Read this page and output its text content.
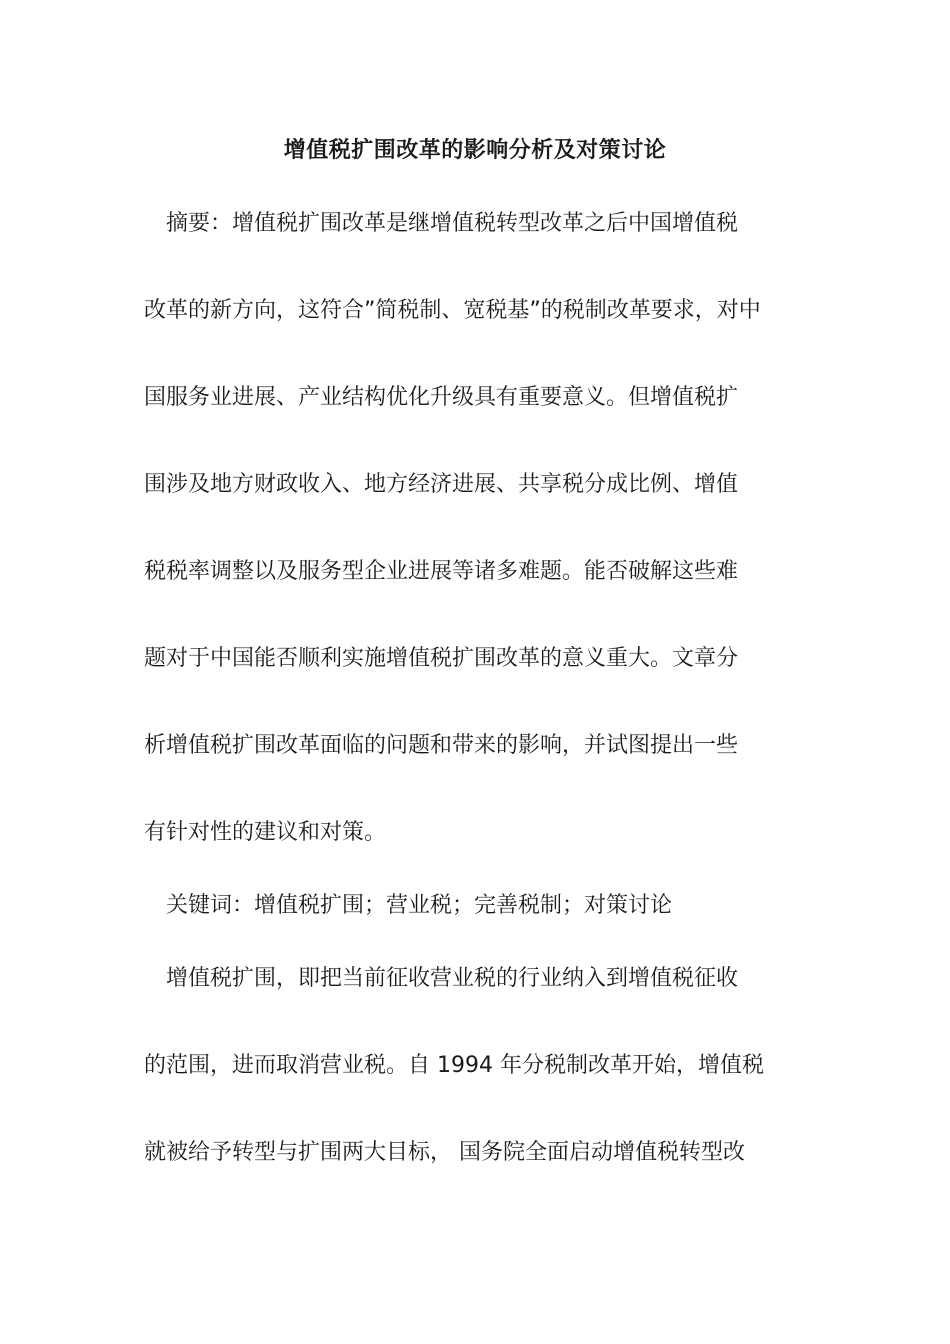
增值税扩围改革的影响分析及对策讨论
摘要：增值税扩围改革是继增值税转型改革之后中国增值税
改革的新方向，这符合”简税制、宽税基”的税制改革要求，对中
国服务业进展、产业结构优化升级具有重要意义。但增值税扩
围涉及地方财政收入、地方经济进展、共享税分成比例、增值
税税率调整以及服务型企业进展等诸多难题。能否破解这些难
题对于中国能否顺利实施增值税扩围改革的意义重大。文章分
析增值税扩围改革面临的问题和带来的影响，并试图提出一些
有针对性的建议和对策。
关键词：增值税扩围；营业税；完善税制；对策讨论
增值税扩围，即把当前征收营业税的行业纳入到增值税征收
的范围，进而取消营业税。自 1994 年分税制改革开始，增值税
就被给予转型与扩围两大目标， 国务院全面启动增值税转型改
